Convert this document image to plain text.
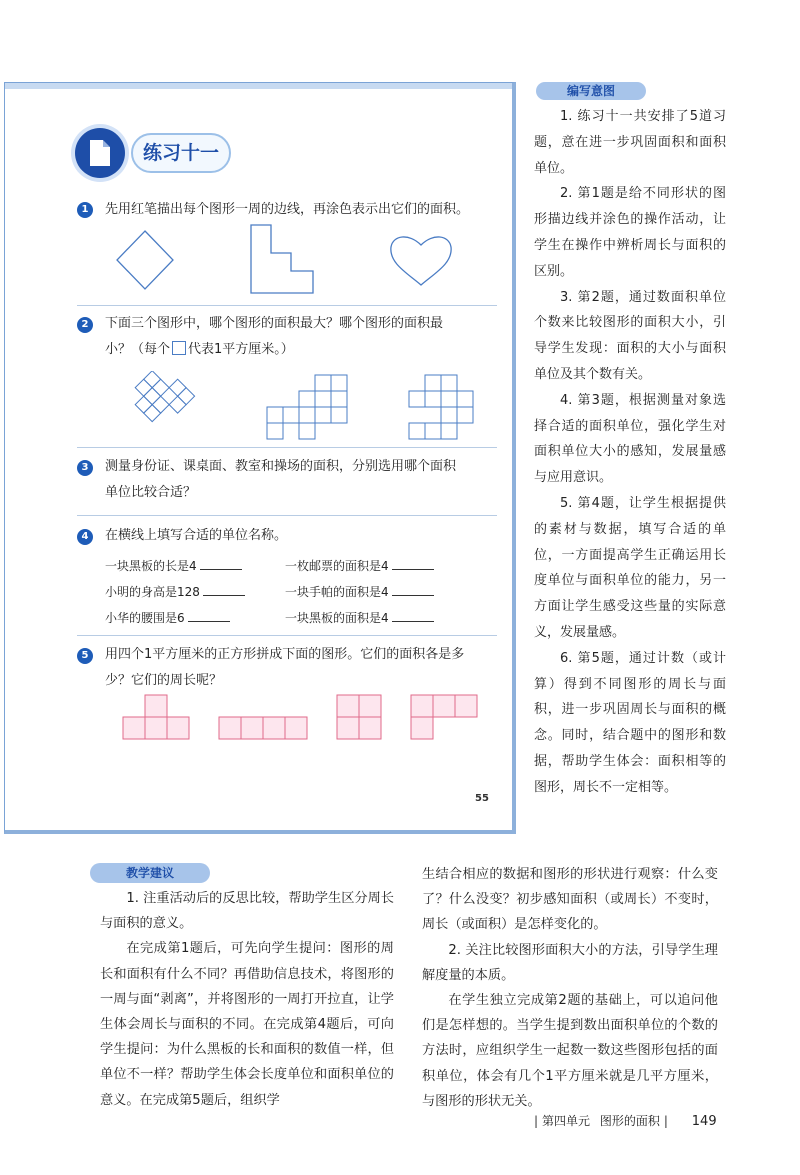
练习十一
1	先用红笔描出每个图形一周的边线，再涂色表示出它们的面积。
2	下面三个图形中，哪个图形的面积最大？哪个图形的面积最
小？（每个 代表1平方厘米。）
3	测量身份证、课桌面、教室和操场的面积，分别选用哪个面积
单位比较合适？
4	在横线上填写合适的单位名称。
一块黑板的长是4	一枚邮票的面积是4
小明的身高是128	一块手帕的面积是4
小华的腰围是6	一块黑板的面积是4
5	用四个1平方厘米的正方形拼成下面的图形。它们的面积各是多
少？它们的周长呢？
55
编写意图

1. 练习十一共安排了5道习题，意在进一步巩固面积和面积单位。

2. 第1题是给不同形状的图形描边线并涂色的操作活动，让学生在操作中辨析周长与面积的区别。

3. 第2题，通过数面积单位个数来比较图形的面积大小，引导学生发现：面积的大小与面积单位及其个数有关。

4. 第3题，根据测量对象选择合适的面积单位，强化学生对面积单位大小的感知，发展量感与应用意识。

5. 第4题，让学生根据提供的素材与数据，填写合适的单位，一方面提高学生正确运用长度单位与面积单位的能力，另一方面让学生感受这些量的实际意义，发展量感。

6. 第5题，通过计数（或计算）得到不同图形的周长与面积，进一步巩固周长与面积的概念。同时，结合题中的图形和数据，帮助学生体会：面积相等的图形，周长不一定相等。

教学建议

1. 注重活动后的反思比较，帮助学生区分周长与面积的意义。

在完成第1题后，可先向学生提问：图形的周长和面积有什么不同？再借助信息技术，将图形的一周与面“剥离”，并将图形的一周打开拉直，让学生体会周长与面积的不同。在完成第4题后，可向学生提问：为什么黑板的长和面积的数值一样，但单位不一样？帮助学生体会长度单位和面积单位的意义。在完成第5题后，组织学

生结合相应的数据和图形的形状进行观察：什么变了？什么没变？初步感知面积（或周长）不变时，周长（或面积）是怎样变化的。

2. 关注比较图形面积大小的方法，引导学生理解度量的本质。

在学生独立完成第2题的基础上，可以追问他们是怎样想的。当学生提到数出面积单位的个数的方法时，应组织学生一起数一数这些图形包括的面积单位，体会有几个1平方厘米就是几平方厘米，与图形的形状无关。

| 第四单元 图形的面积 | 149
